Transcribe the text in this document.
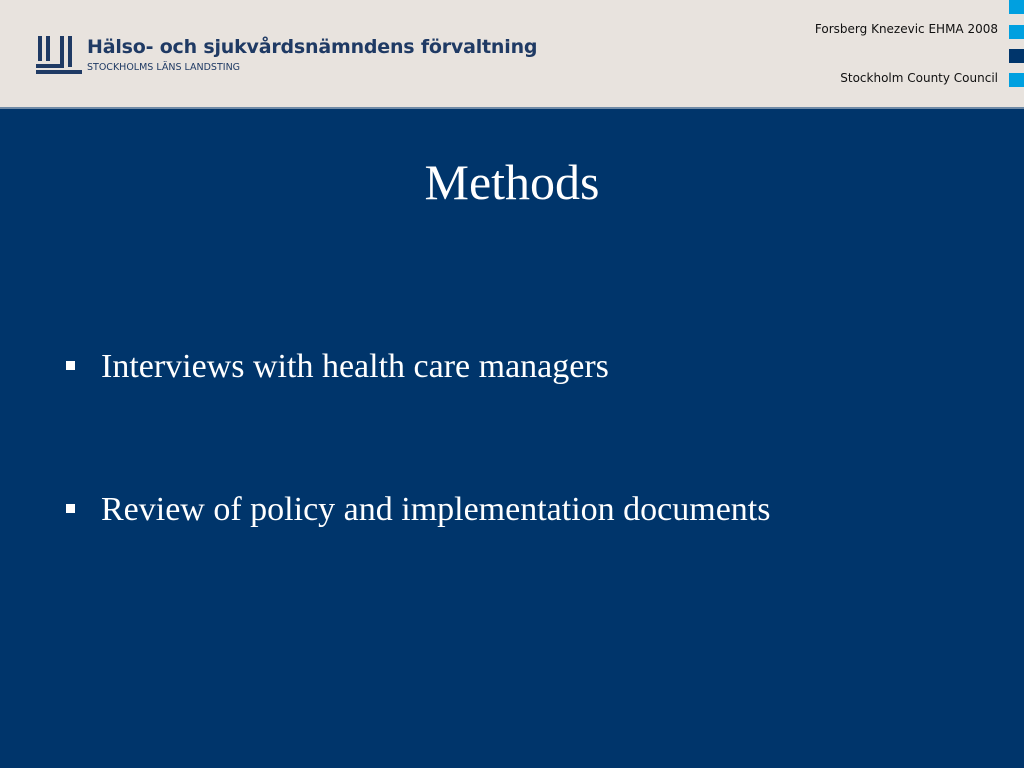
Hälso- och sjukvårdsnämndens förvaltning
STOCKHOLMS LÄNS LANDSTING
Forsberg Knezevic EHMA 2008
Stockholm County Council
Methods
Interviews with health care managers
Review of policy and implementation documents
